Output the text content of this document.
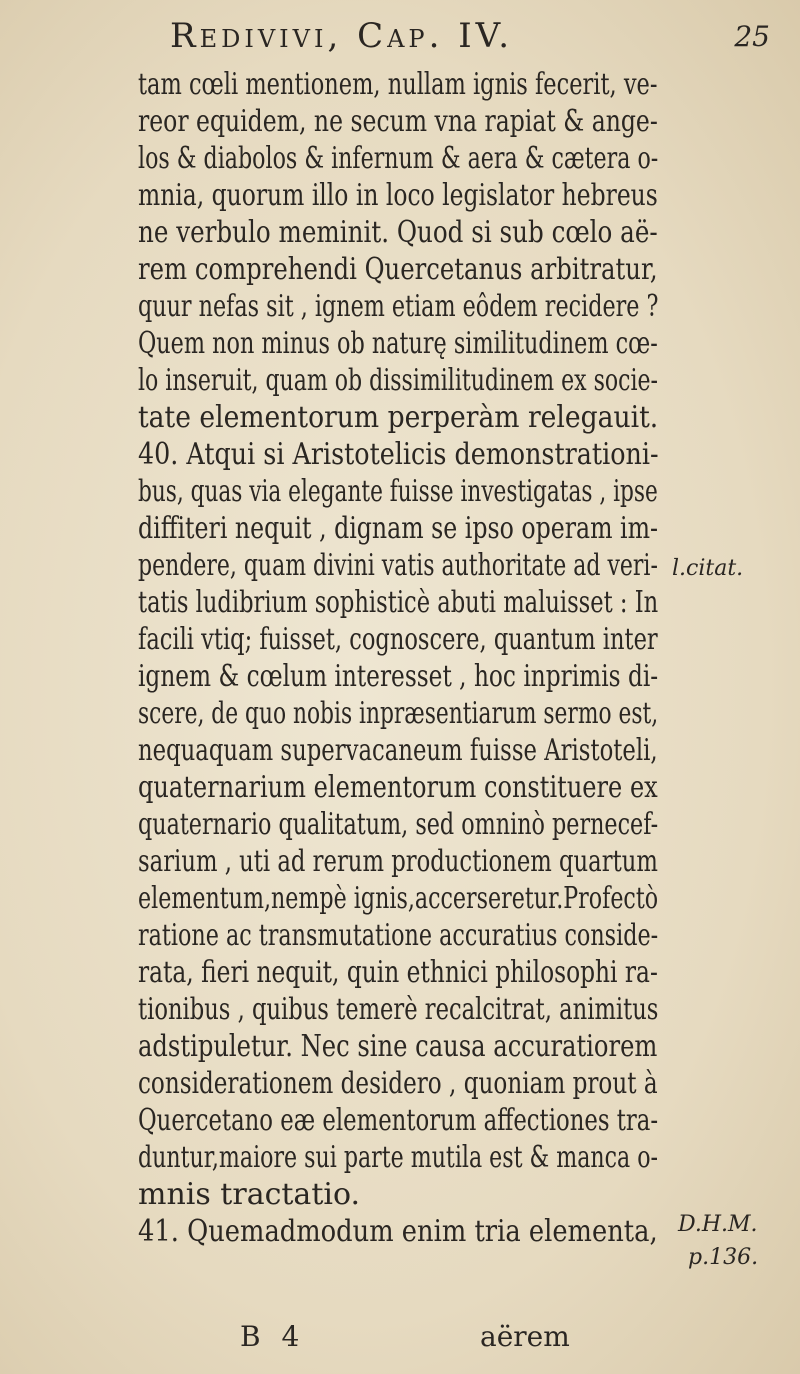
Redivivi, Cap. IV.	25
tam cœli mentionem, nullam ignis fecerit, ve-
reor equidem, ne secum vna rapiat & ange-
los & diabolos & infernum & aera & cætera o-
mnia, quorum illo in loco legislator hebreus
ne verbulo meminit. Quod si sub cœlo aë-
rem comprehendi Quercetanus arbitratur,
quur nefas sit , ignem etiam eôdem recidere ?
Quem non minus ob naturę similitudinem cœ-
lo inseruit, quam ob dissimilitudinem ex socie-
tate elementorum perperàm relegauit.
40. Atqui si Aristotelicis demonstrationi-
bus, quas via elegante fuisse investigatas , ipse
diffiteri nequit , dignam se ipso operam im-
pendere, quam divini vatis authoritate ad veri-
tatis ludibrium sophisticè abuti maluisset : In
facili vtiq; fuisset, cognoscere, quantum inter
ignem & cœlum interesset , hoc inprimis di-
scere, de quo nobis inpræsentiarum sermo est,
nequaquam supervacaneum fuisse Aristoteli,
quaternarium elementorum constituere ex
quaternario qualitatum, sed omninò pernecef-
sarium , uti ad rerum productionem quartum
elementum,nempè ignis,accerseretur.Profectò
ratione ac transmutatione accuratius conside-
rata, fieri nequit, quin ethnici philosophi ra-
tionibus , quibus temerè recalcitrat, animitus
adstipuletur. Nec sine causa accuratiorem
considerationem desidero , quoniam prout à
Quercetano eæ elementorum affectiones tra-
duntur,maiore sui parte mutila est & manca o-
mnis tractatio.
41. Quemadmodum enim tria elementa,
l.citat.
D.H.M.
p.136.
B 4	aërem
